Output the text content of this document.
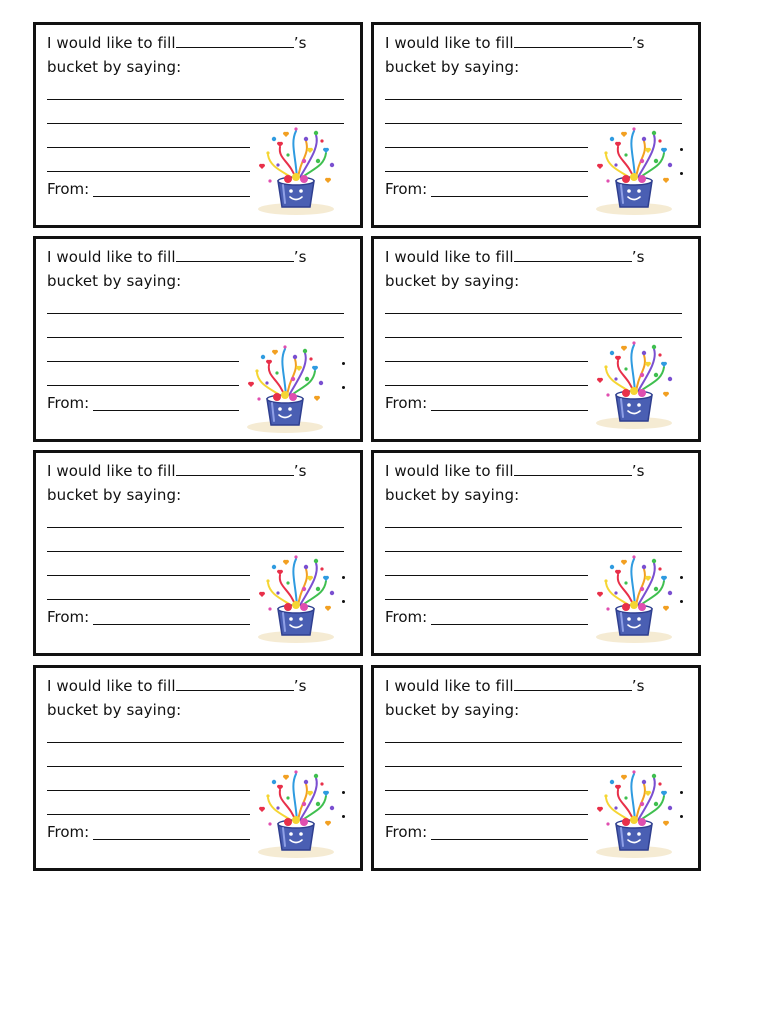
I would like to fill	’s
bucket by saying:
From:
I would like to fill	’s
bucket by saying:
From:
I would like to fill	’s
bucket by saying:
From:
I would like to fill	’s
bucket by saying:
From:
I would like to fill	’s
bucket by saying:
From:
I would like to fill	’s
bucket by saying:
From:
I would like to fill	’s
bucket by saying:
From:
I would like to fill	’s
bucket by saying:
From:
